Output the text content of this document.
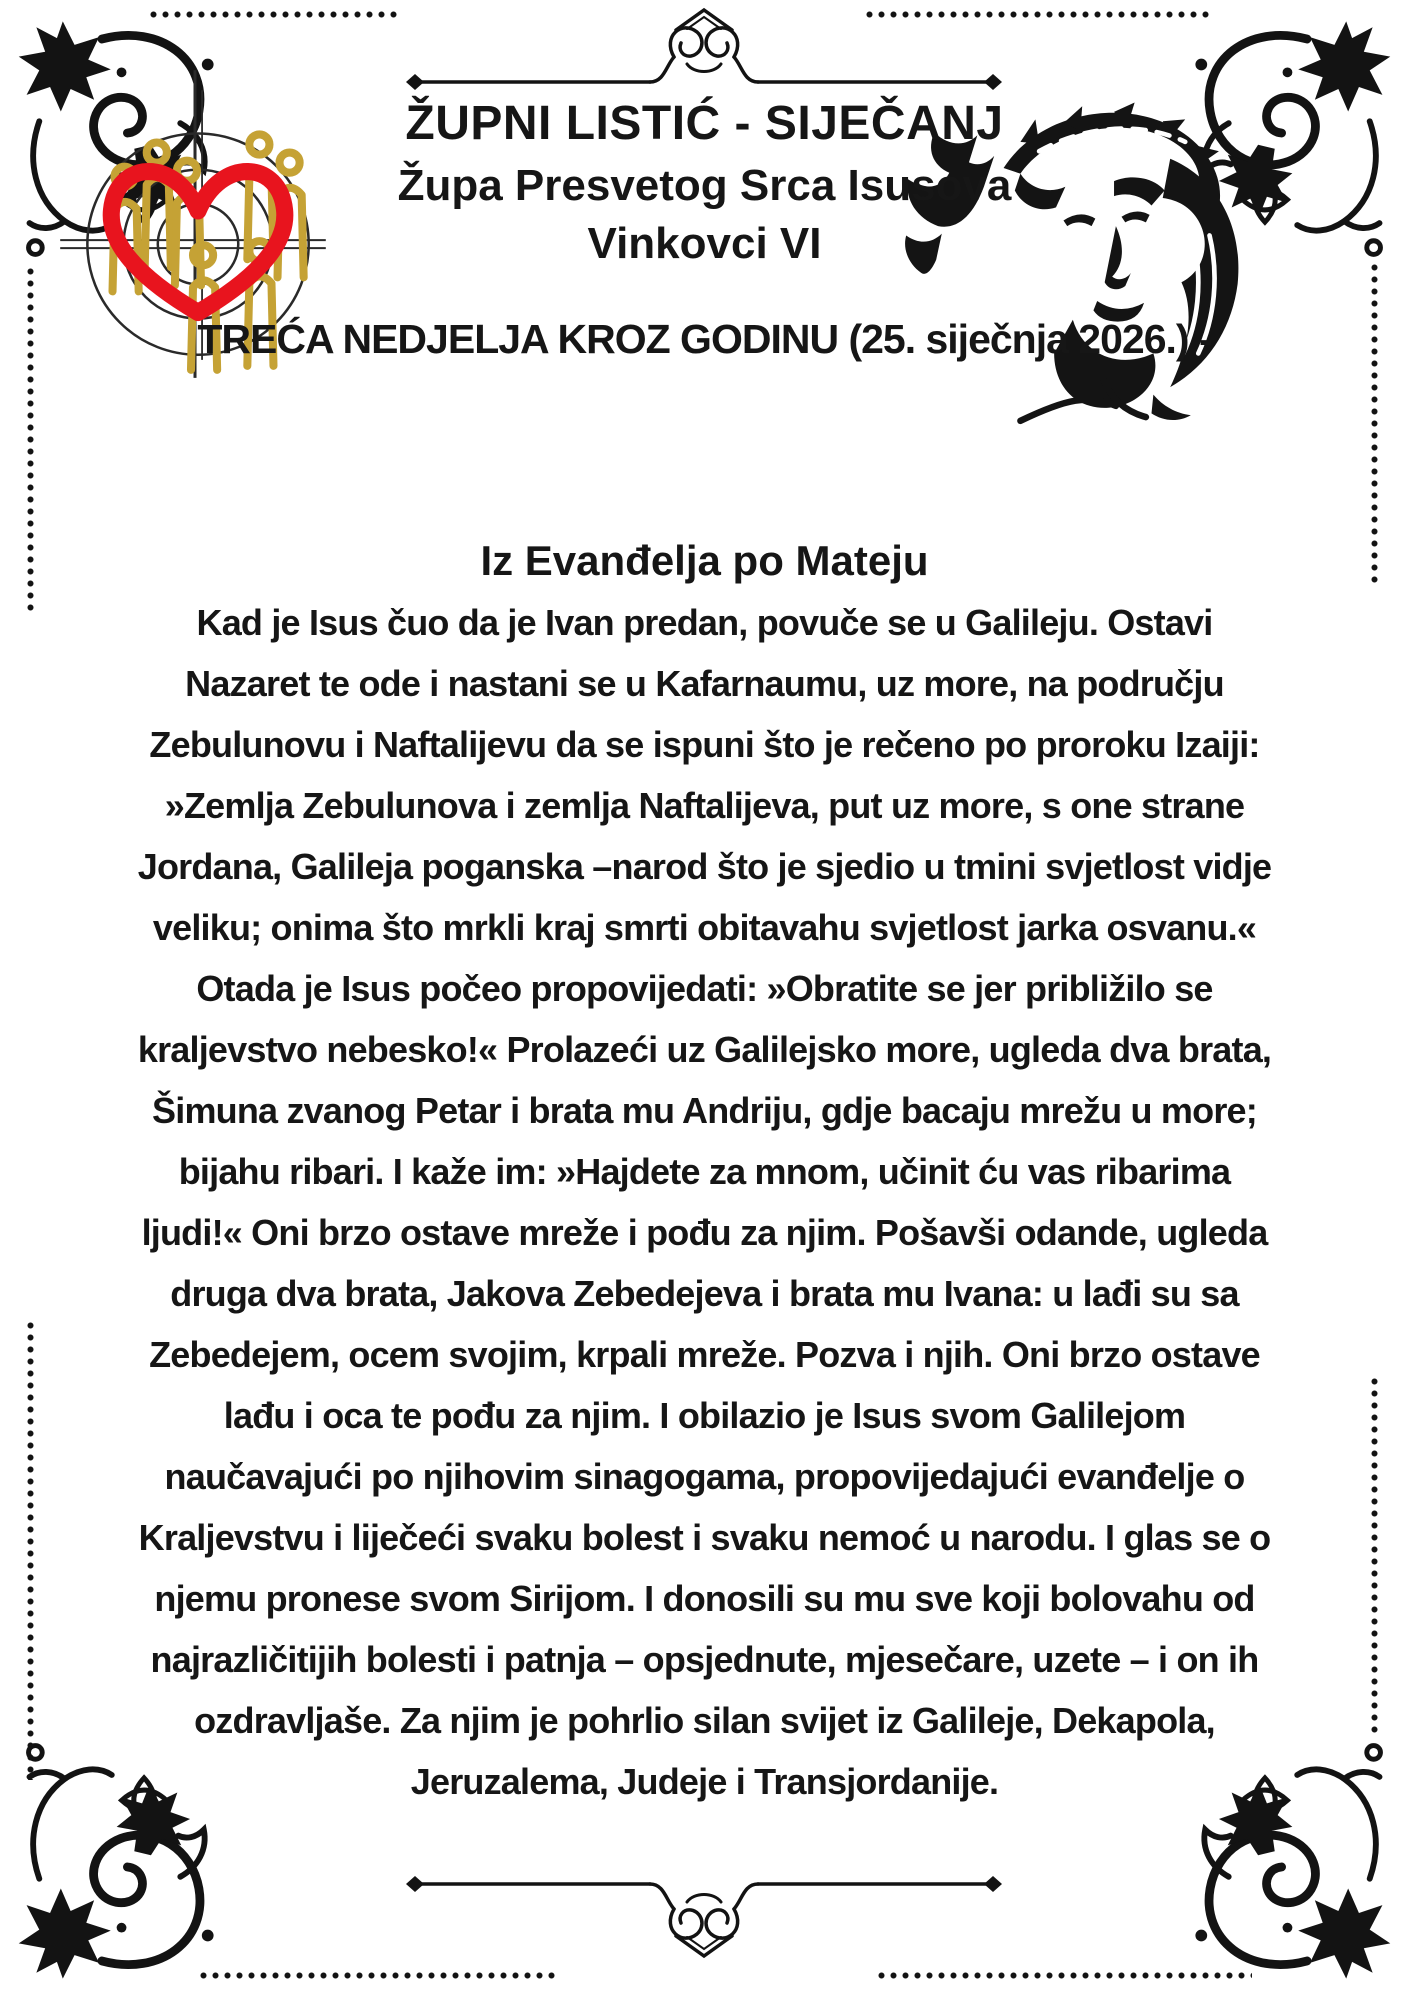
ŽUPNI LISTIĆ - SIJEČANJ
Župa Presvetog Srca Isusova
Vinkovci VI
TREĆA NEDJELJA KROZ GODINU (25. siječnja 2026.) -
Iz Evanđelja po Mateju
Kad je Isus čuo da je Ivan predan, povuče se u Galileju. Ostavi
Nazaret te ode i nastani se u Kafarnaumu, uz more, na području
Zebulunovu i Naftalijevu da se ispuni što je rečeno po proroku Izaiji:
»Zemlja Zebulunova i zemlja Naftalijeva, put uz more, s one strane
Jordana, Galileja poganska –narod što je sjedio u tmini svjetlost vidje
veliku; onima što mrkli kraj smrti obitavahu svjetlost jarka osvanu.«
Otada je Isus počeo propovijedati: »Obratite se jer približilo se
kraljevstvo nebesko!« Prolazeći uz Galilejsko more, ugleda dva brata,
Šimuna zvanog Petar i brata mu Andriju, gdje bacaju mrežu u more;
bijahu ribari. I kaže im: »Hajdete za mnom, učinit ću vas ribarima
ljudi!« Oni brzo ostave mreže i pođu za njim. Pošavši odande, ugleda
druga dva brata, Jakova Zebedejeva i brata mu Ivana: u lađi su sa
Zebedejem, ocem svojim, krpali mreže. Pozva i njih. Oni brzo ostave
lađu i oca te pođu za njim. I obilazio je Isus svom Galilejom
naučavajući po njihovim sinagogama, propovijedajući evanđelje o
Kraljevstvu i liječeći svaku bolest i svaku nemoć u narodu. I glas se o
njemu pronese svom Sirijom. I donosili su mu sve koji bolovahu od
najrazličitijih bolesti i patnja – opsjednute, mjesečare, uzete – i on ih
ozdravljaše. Za njim je pohrlio silan svijet iz Galileje, Dekapola,
Jeruzalema, Judeje i Transjordanije.
